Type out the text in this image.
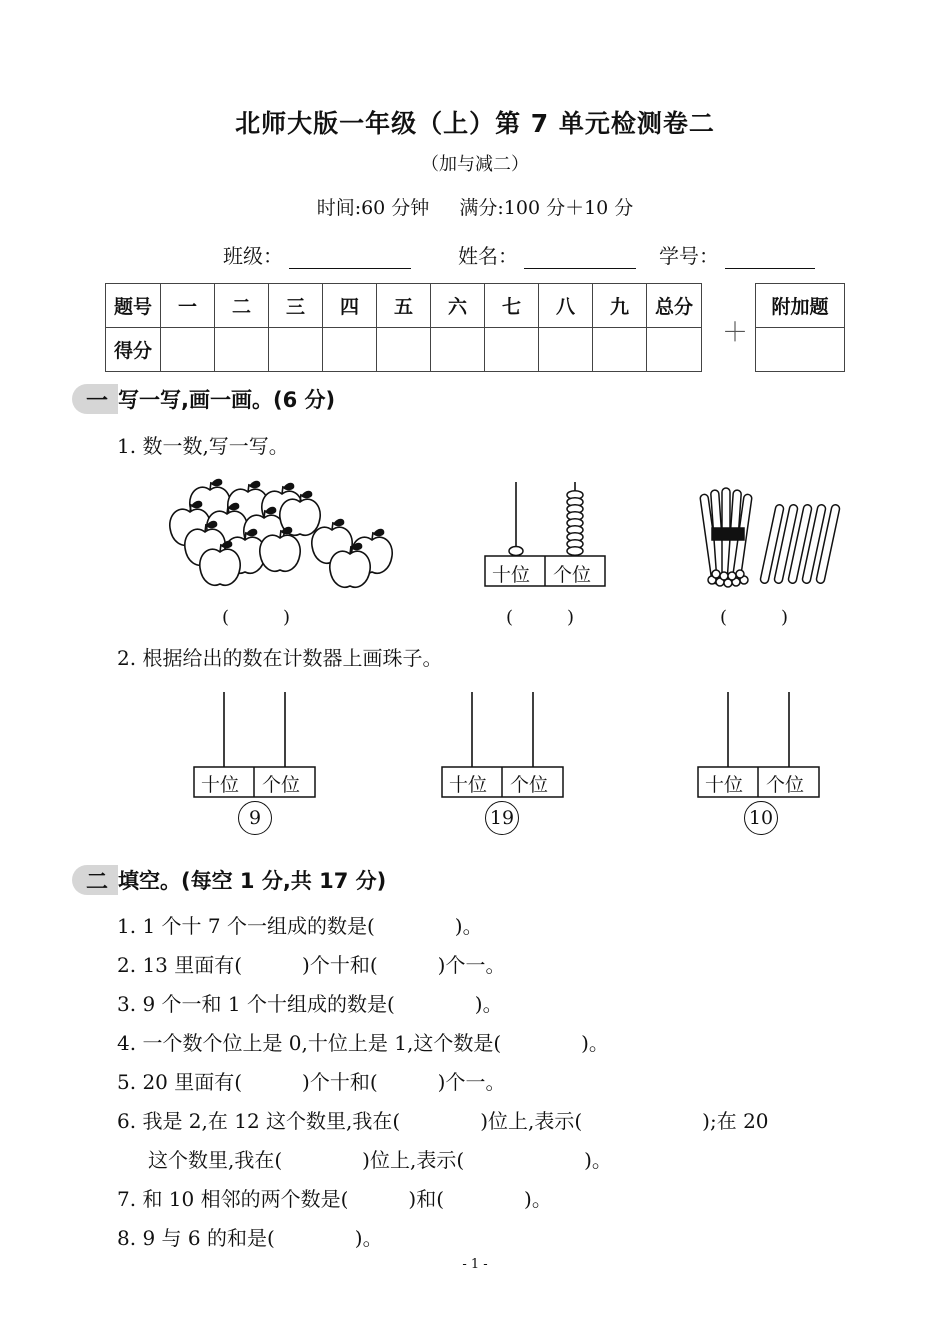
北师大版一年级（上）第 7 单元检测卷二
（加与减二）
时间:60 分钟 满分:100 分＋10 分
班级：	姓名：	学号：
题号	一	二	三	四	五	六	七	八	九	总分
得分										
＋
附加题

一 写一写,画一画。(6 分)
1. 数一数,写一写。
十位 个位
(　　　)	(　　　)	(　　　)
2. 根据给出的数在计数器上画珠子。
十位 个位
9
十位 个位
19
十位 个位
10
二 填空。(每空 1 分,共 17 分)
1. 1 个十 7 个一组成的数是(　　　　)。
2. 13 里面有(　　　)个十和(　　　)个一。
3. 9 个一和 1 个十组成的数是(　　　　)。
4. 一个数个位上是 0,十位上是 1,这个数是(　　　　)。
5. 20 里面有(　　　)个十和(　　　)个一。
6. 我是 2,在 12 这个数里,我在(　　　　)位上,表示(　　　　　　);在 20
这个数里,我在(　　　　)位上,表示(　　　　　　)。
7. 和 10 相邻的两个数是(　　　)和(　　　　)。
8. 9 与 6 的和是(　　　　)。
- 1 -
